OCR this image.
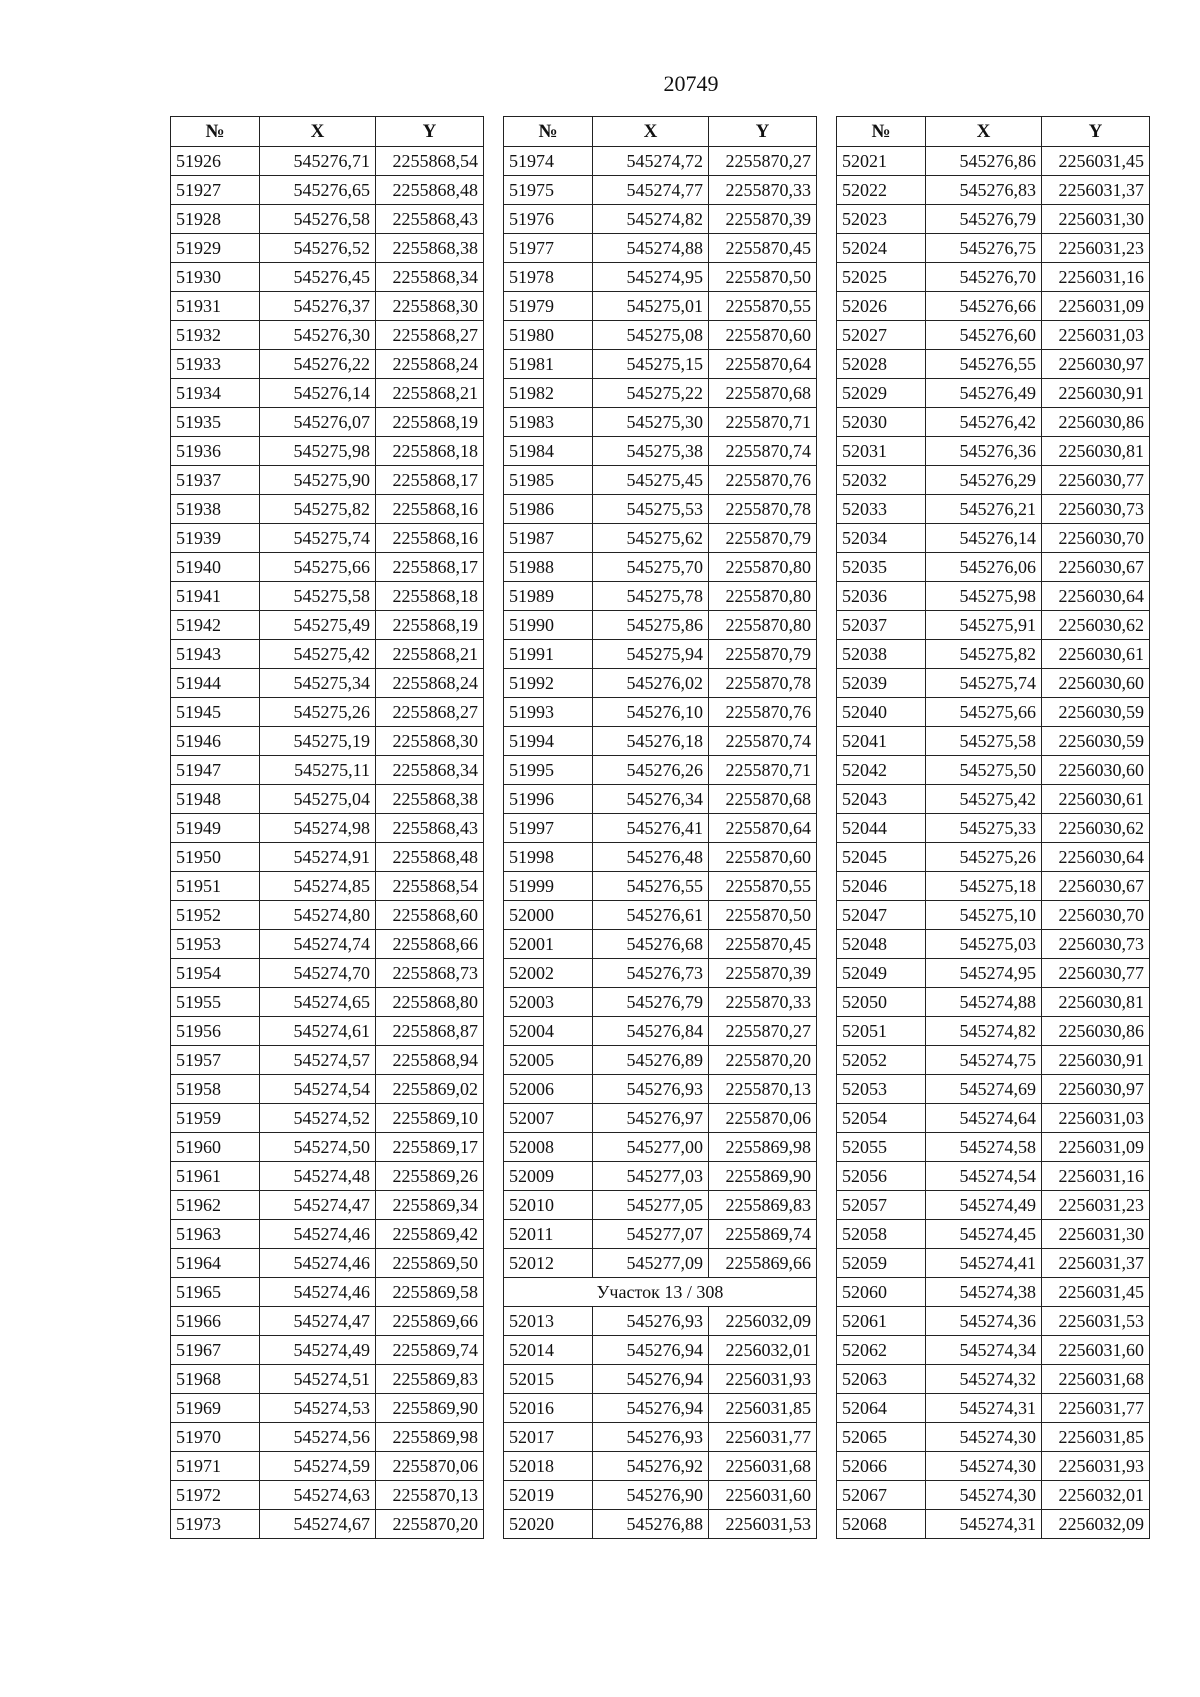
20749
№	X	Y
51926	545276,71	2255868,54
51927	545276,65	2255868,48
51928	545276,58	2255868,43
51929	545276,52	2255868,38
51930	545276,45	2255868,34
51931	545276,37	2255868,30
51932	545276,30	2255868,27
51933	545276,22	2255868,24
51934	545276,14	2255868,21
51935	545276,07	2255868,19
51936	545275,98	2255868,18
51937	545275,90	2255868,17
51938	545275,82	2255868,16
51939	545275,74	2255868,16
51940	545275,66	2255868,17
51941	545275,58	2255868,18
51942	545275,49	2255868,19
51943	545275,42	2255868,21
51944	545275,34	2255868,24
51945	545275,26	2255868,27
51946	545275,19	2255868,30
51947	545275,11	2255868,34
51948	545275,04	2255868,38
51949	545274,98	2255868,43
51950	545274,91	2255868,48
51951	545274,85	2255868,54
51952	545274,80	2255868,60
51953	545274,74	2255868,66
51954	545274,70	2255868,73
51955	545274,65	2255868,80
51956	545274,61	2255868,87
51957	545274,57	2255868,94
51958	545274,54	2255869,02
51959	545274,52	2255869,10
51960	545274,50	2255869,17
51961	545274,48	2255869,26
51962	545274,47	2255869,34
51963	545274,46	2255869,42
51964	545274,46	2255869,50
51965	545274,46	2255869,58
51966	545274,47	2255869,66
51967	545274,49	2255869,74
51968	545274,51	2255869,83
51969	545274,53	2255869,90
51970	545274,56	2255869,98
51971	545274,59	2255870,06
51972	545274,63	2255870,13
51973	545274,67	2255870,20
№	X	Y
51974	545274,72	2255870,27
51975	545274,77	2255870,33
51976	545274,82	2255870,39
51977	545274,88	2255870,45
51978	545274,95	2255870,50
51979	545275,01	2255870,55
51980	545275,08	2255870,60
51981	545275,15	2255870,64
51982	545275,22	2255870,68
51983	545275,30	2255870,71
51984	545275,38	2255870,74
51985	545275,45	2255870,76
51986	545275,53	2255870,78
51987	545275,62	2255870,79
51988	545275,70	2255870,80
51989	545275,78	2255870,80
51990	545275,86	2255870,80
51991	545275,94	2255870,79
51992	545276,02	2255870,78
51993	545276,10	2255870,76
51994	545276,18	2255870,74
51995	545276,26	2255870,71
51996	545276,34	2255870,68
51997	545276,41	2255870,64
51998	545276,48	2255870,60
51999	545276,55	2255870,55
52000	545276,61	2255870,50
52001	545276,68	2255870,45
52002	545276,73	2255870,39
52003	545276,79	2255870,33
52004	545276,84	2255870,27
52005	545276,89	2255870,20
52006	545276,93	2255870,13
52007	545276,97	2255870,06
52008	545277,00	2255869,98
52009	545277,03	2255869,90
52010	545277,05	2255869,83
52011	545277,07	2255869,74
52012	545277,09	2255869,66
Участок 13 / 308		
52013	545276,93	2256032,09
52014	545276,94	2256032,01
52015	545276,94	2256031,93
52016	545276,94	2256031,85
52017	545276,93	2256031,77
52018	545276,92	2256031,68
52019	545276,90	2256031,60
52020	545276,88	2256031,53
№	X	Y
52021	545276,86	2256031,45
52022	545276,83	2256031,37
52023	545276,79	2256031,30
52024	545276,75	2256031,23
52025	545276,70	2256031,16
52026	545276,66	2256031,09
52027	545276,60	2256031,03
52028	545276,55	2256030,97
52029	545276,49	2256030,91
52030	545276,42	2256030,86
52031	545276,36	2256030,81
52032	545276,29	2256030,77
52033	545276,21	2256030,73
52034	545276,14	2256030,70
52035	545276,06	2256030,67
52036	545275,98	2256030,64
52037	545275,91	2256030,62
52038	545275,82	2256030,61
52039	545275,74	2256030,60
52040	545275,66	2256030,59
52041	545275,58	2256030,59
52042	545275,50	2256030,60
52043	545275,42	2256030,61
52044	545275,33	2256030,62
52045	545275,26	2256030,64
52046	545275,18	2256030,67
52047	545275,10	2256030,70
52048	545275,03	2256030,73
52049	545274,95	2256030,77
52050	545274,88	2256030,81
52051	545274,82	2256030,86
52052	545274,75	2256030,91
52053	545274,69	2256030,97
52054	545274,64	2256031,03
52055	545274,58	2256031,09
52056	545274,54	2256031,16
52057	545274,49	2256031,23
52058	545274,45	2256031,30
52059	545274,41	2256031,37
52060	545274,38	2256031,45
52061	545274,36	2256031,53
52062	545274,34	2256031,60
52063	545274,32	2256031,68
52064	545274,31	2256031,77
52065	545274,30	2256031,85
52066	545274,30	2256031,93
52067	545274,30	2256032,01
52068	545274,31	2256032,09
